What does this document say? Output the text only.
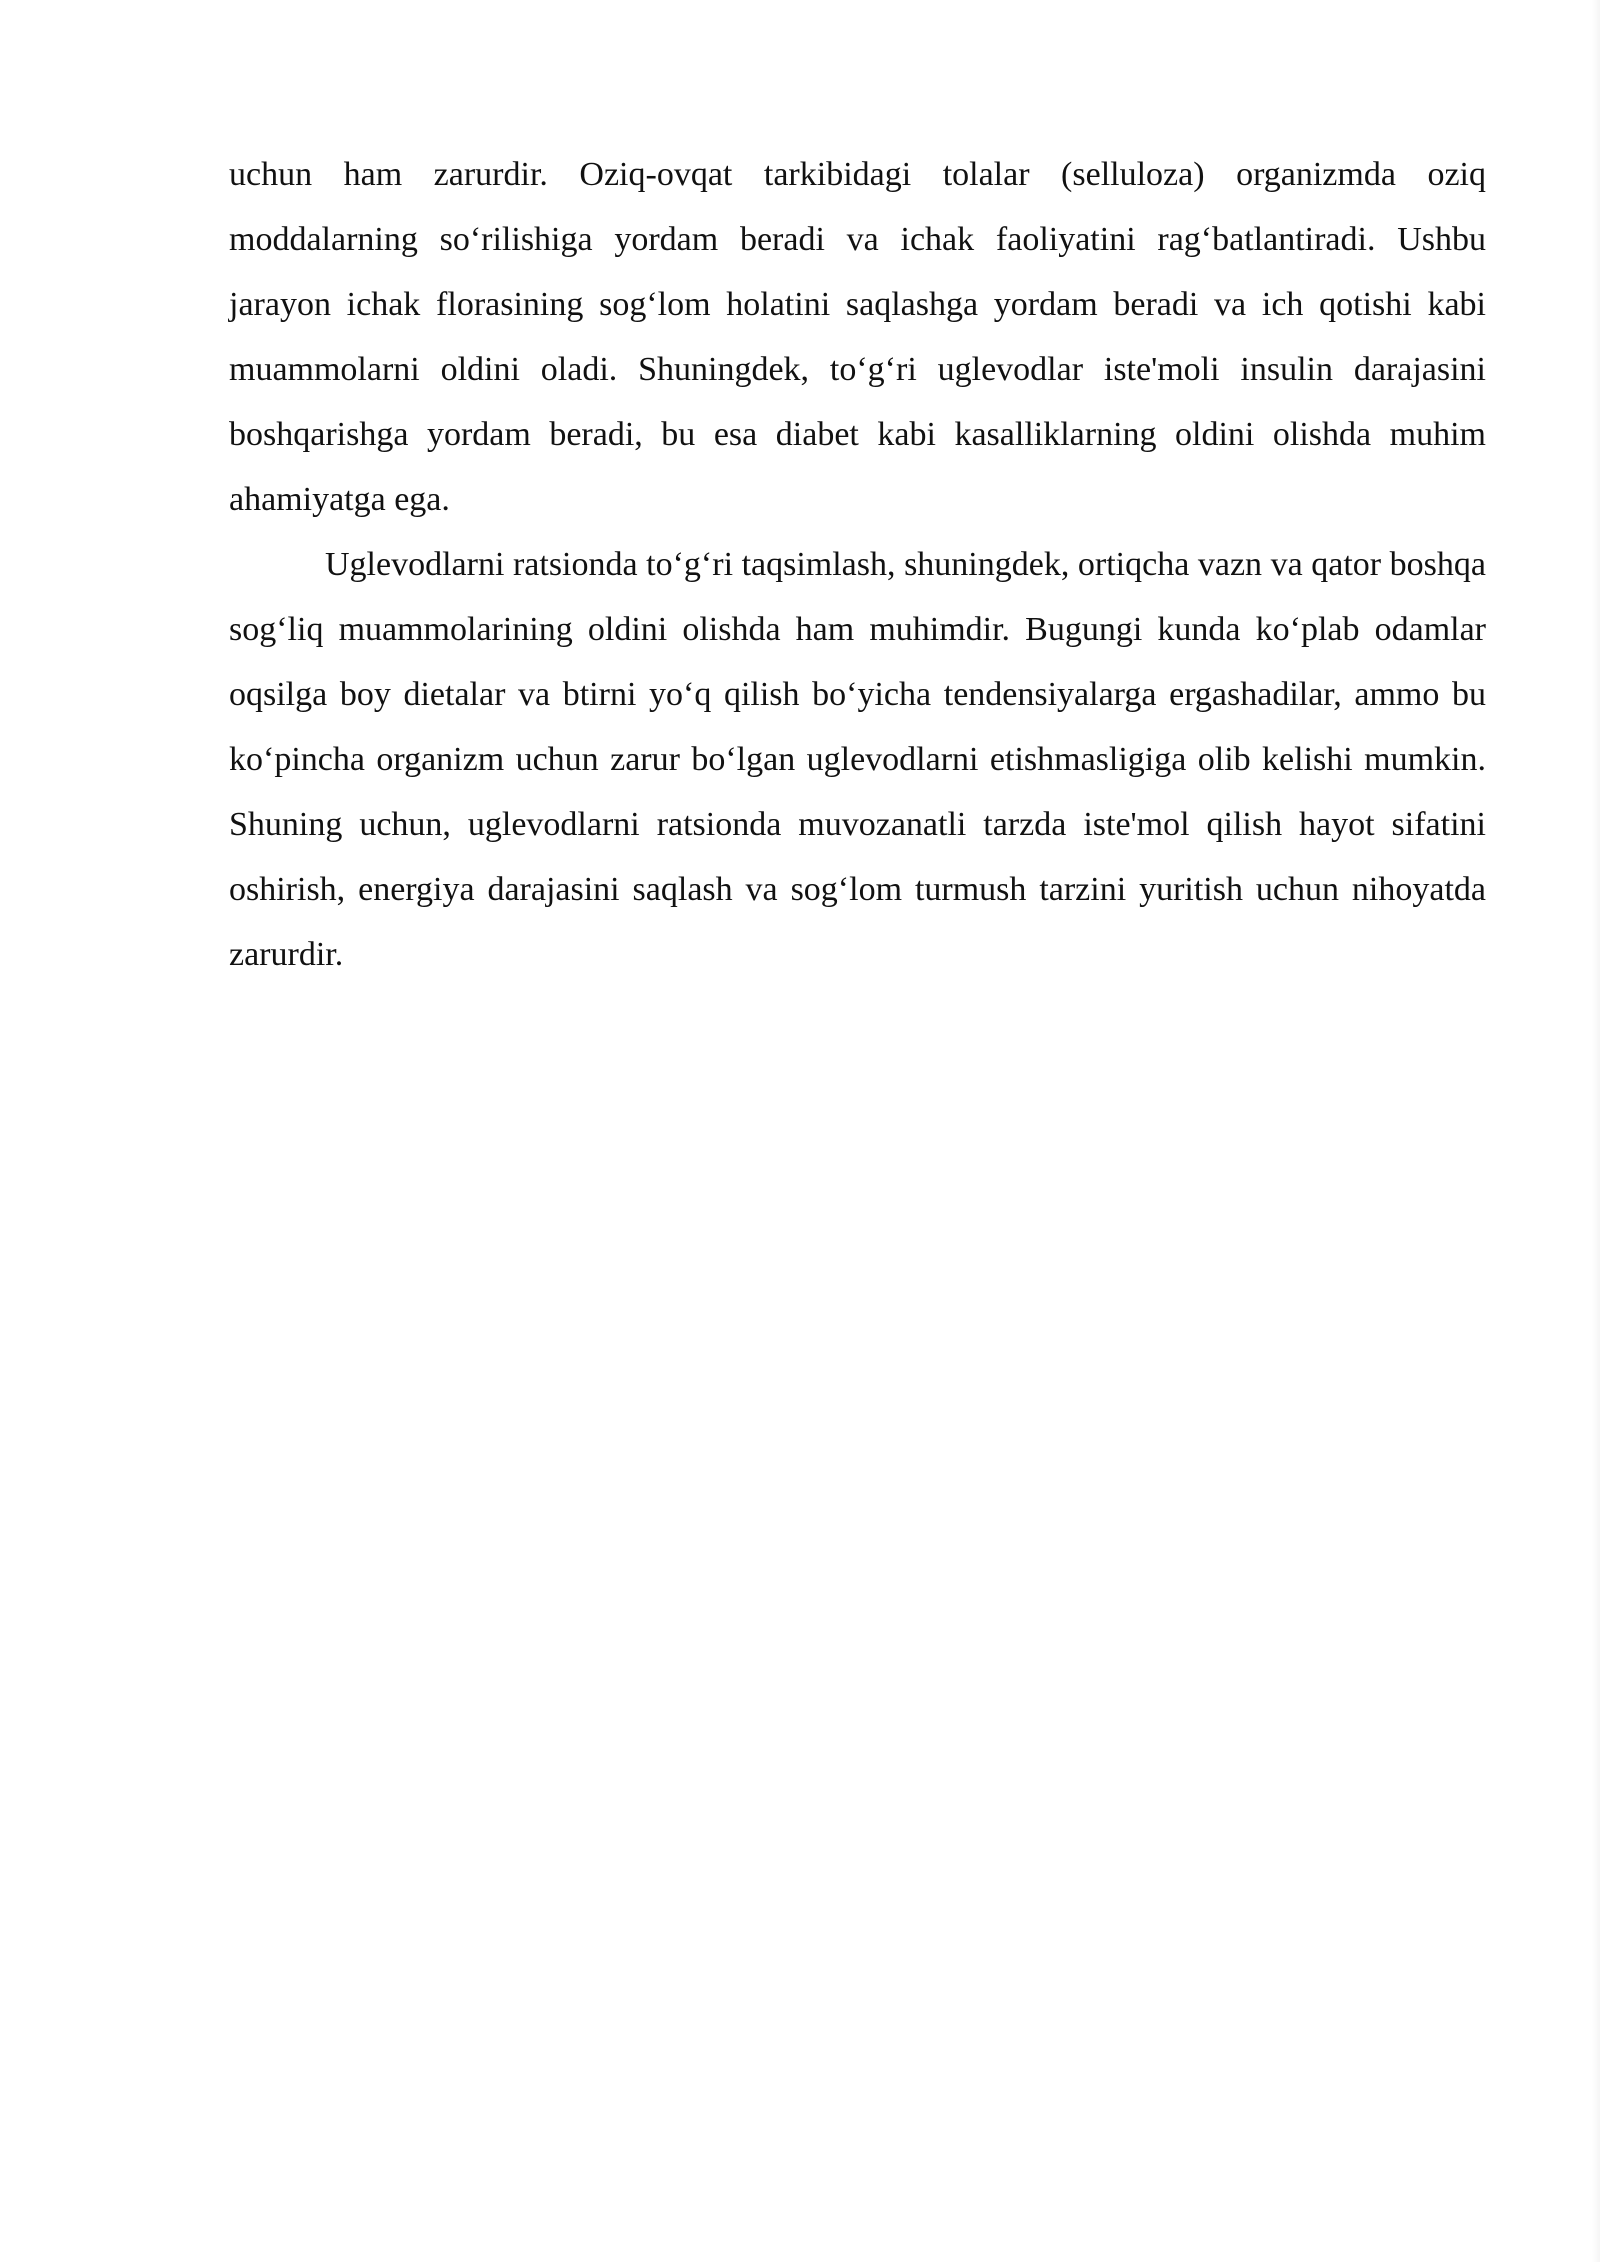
uchun ham zarurdir. Oziq-ovqat tarkibidagi tolalar (selluloza) organizmda oziq moddalarning so‘rilishiga yordam beradi va ichak faoliyatini rag‘batlantiradi. Ushbu jarayon ichak florasining sog‘lom holatini saqlashga yordam beradi va ich qotishi kabi muammolarni oldini oladi. Shuningdek, to‘g‘ri uglevodlar iste'moli insulin darajasini boshqarishga yordam beradi, bu esa diabet kabi kasalliklarning oldini olishda muhim ahamiyatga ega.

Uglevodlarni ratsionda to‘g‘ri taqsimlash, shuningdek, ortiqcha vazn va qator boshqa sog‘liq muammolarining oldini olishda ham muhimdir. Bugungi kunda ko‘plab odamlar oqsilga boy dietalar va btirni yo‘q qilish bo‘yicha tendensiyalarga ergashadilar, ammo bu ko‘pincha organizm uchun zarur bo‘lgan uglevodlarni etishmasligiga olib kelishi mumkin. Shuning uchun, uglevodlarni ratsionda muvozanatli tarzda iste'mol qilish hayot sifatini oshirish, energiya darajasini saqlash va sog‘lom turmush tarzini yuritish uchun nihoyatda zarurdir.
